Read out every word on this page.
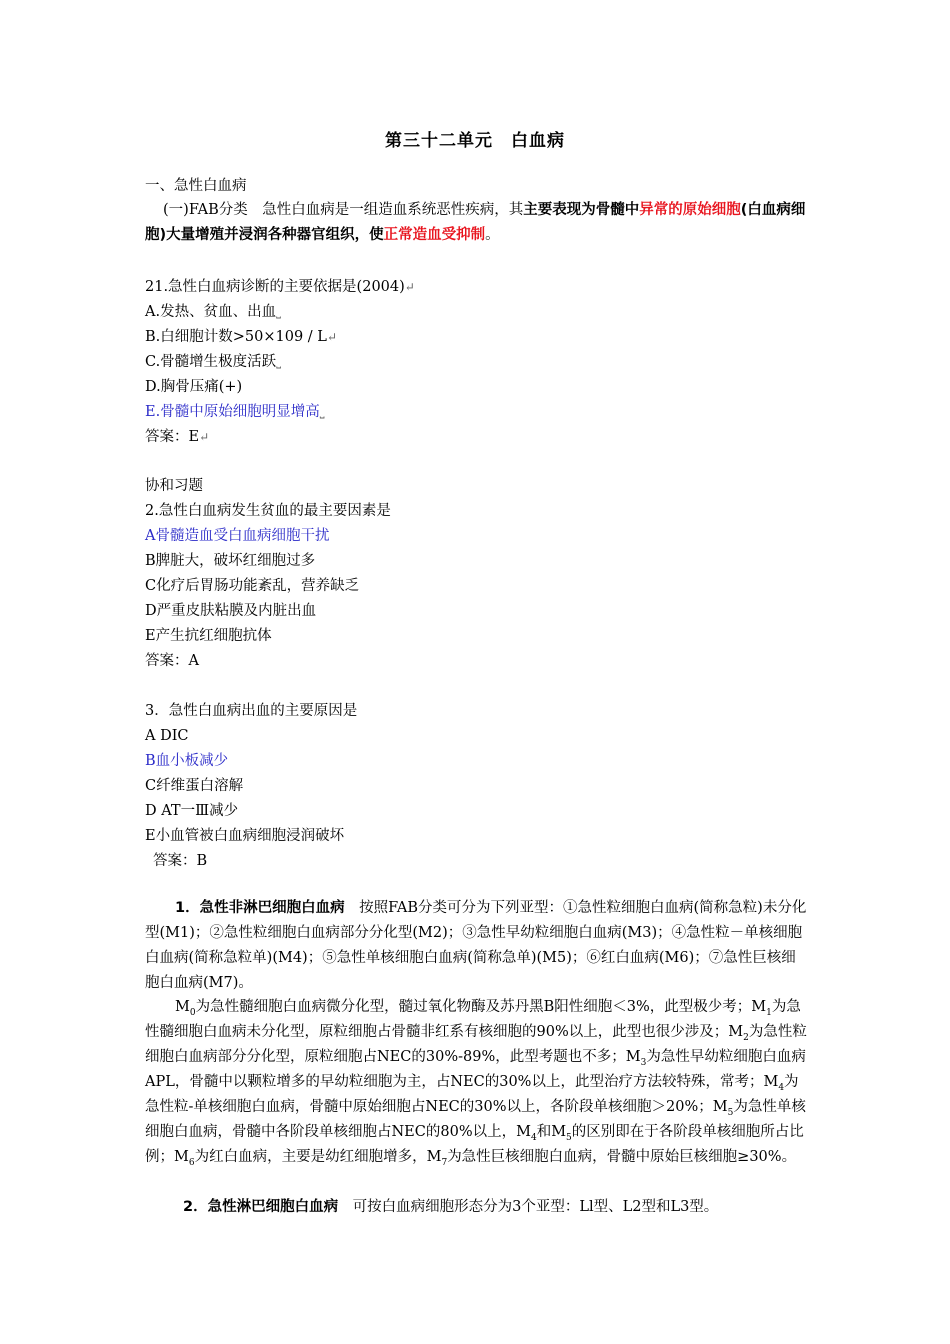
第三十二单元　白血病
一、急性白血病
(一)FAB分类　急性白血病是一组造血系统恶性疾病，其主要表现为骨髓中异常的原始细胞(白血病细胞)大量增殖并浸润各种器官组织，使正常造血受抑制。
21.急性白血病诊断的主要依据是(2004)↵
A.发热、贫血、出血⎵
B.白细胞计数>50×109 / L↵
C.骨髓增生极度活跃⎵
D.胸骨压痛(+)
E.骨髓中原始细胞明显增高⎵
答案：E↵
协和习题
2.急性白血病发生贫血的最主要因素是
A骨髓造血受白血病细胞干扰
B脾脏大，破坏红细胞过多
C化疗后胃肠功能紊乱，营养缺乏
D严重皮肤粘膜及内脏出血
E产生抗红细胞抗体
答案：A
3．急性白血病出血的主要原因是
A DIC
B血小板减少
C纤维蛋白溶解
D AT一Ⅲ减少
E小血管被白血病细胞浸润破坏
答案：B
1．急性非淋巴细胞白血病　按照FAB分类可分为下列亚型：①急性粒细胞白血病(简称急粒)未分化型(M1)；②急性粒细胞白血病部分分化型(M2)；③急性早幼粒细胞白血病(M3)；④急性粒－单核细胞白血病(简称急粒单)(M4)；⑤急性单核细胞白血病(简称急单)(M5)；⑥红白血病(M6)；⑦急性巨核细胞白血病(M7)。
$M_0$为急性髓细胞白血病微分化型，髓过氧化物酶及苏丹黑B阳性细胞＜3%，此型极少考；$M_1$为急性髓细胞白血病未分化型，原粒细胞占骨髓非红系有核细胞的90%以上，此型也很少涉及；$M_2$为急性粒细胞白血病部分分化型，原粒细胞占NEC的30%-89%，此型考题也不多；$M_3$为急性早幼粒细胞白血病APL，骨髓中以颗粒增多的早幼粒细胞为主，占NEC的30%以上，此型治疗方法较特殊，常考；$M_4$为急性粒-单核细胞白血病，骨髓中原始细胞占NEC的30%以上，各阶段单核细胞＞20%；$M_5$为急性单核细胞白血病，骨髓中各阶段单核细胞占NEC的80%以上，$M_4$和$M_5$的区别即在于各阶段单核细胞所占比例；$M_6$为红白血病，主要是幼红细胞增多，$M_7$为急性巨核细胞白血病，骨髓中原始巨核细胞≥30%。
2．急性淋巴细胞白血病　可按白血病细胞形态分为3个亚型：Ll型、L2型和L3型。
